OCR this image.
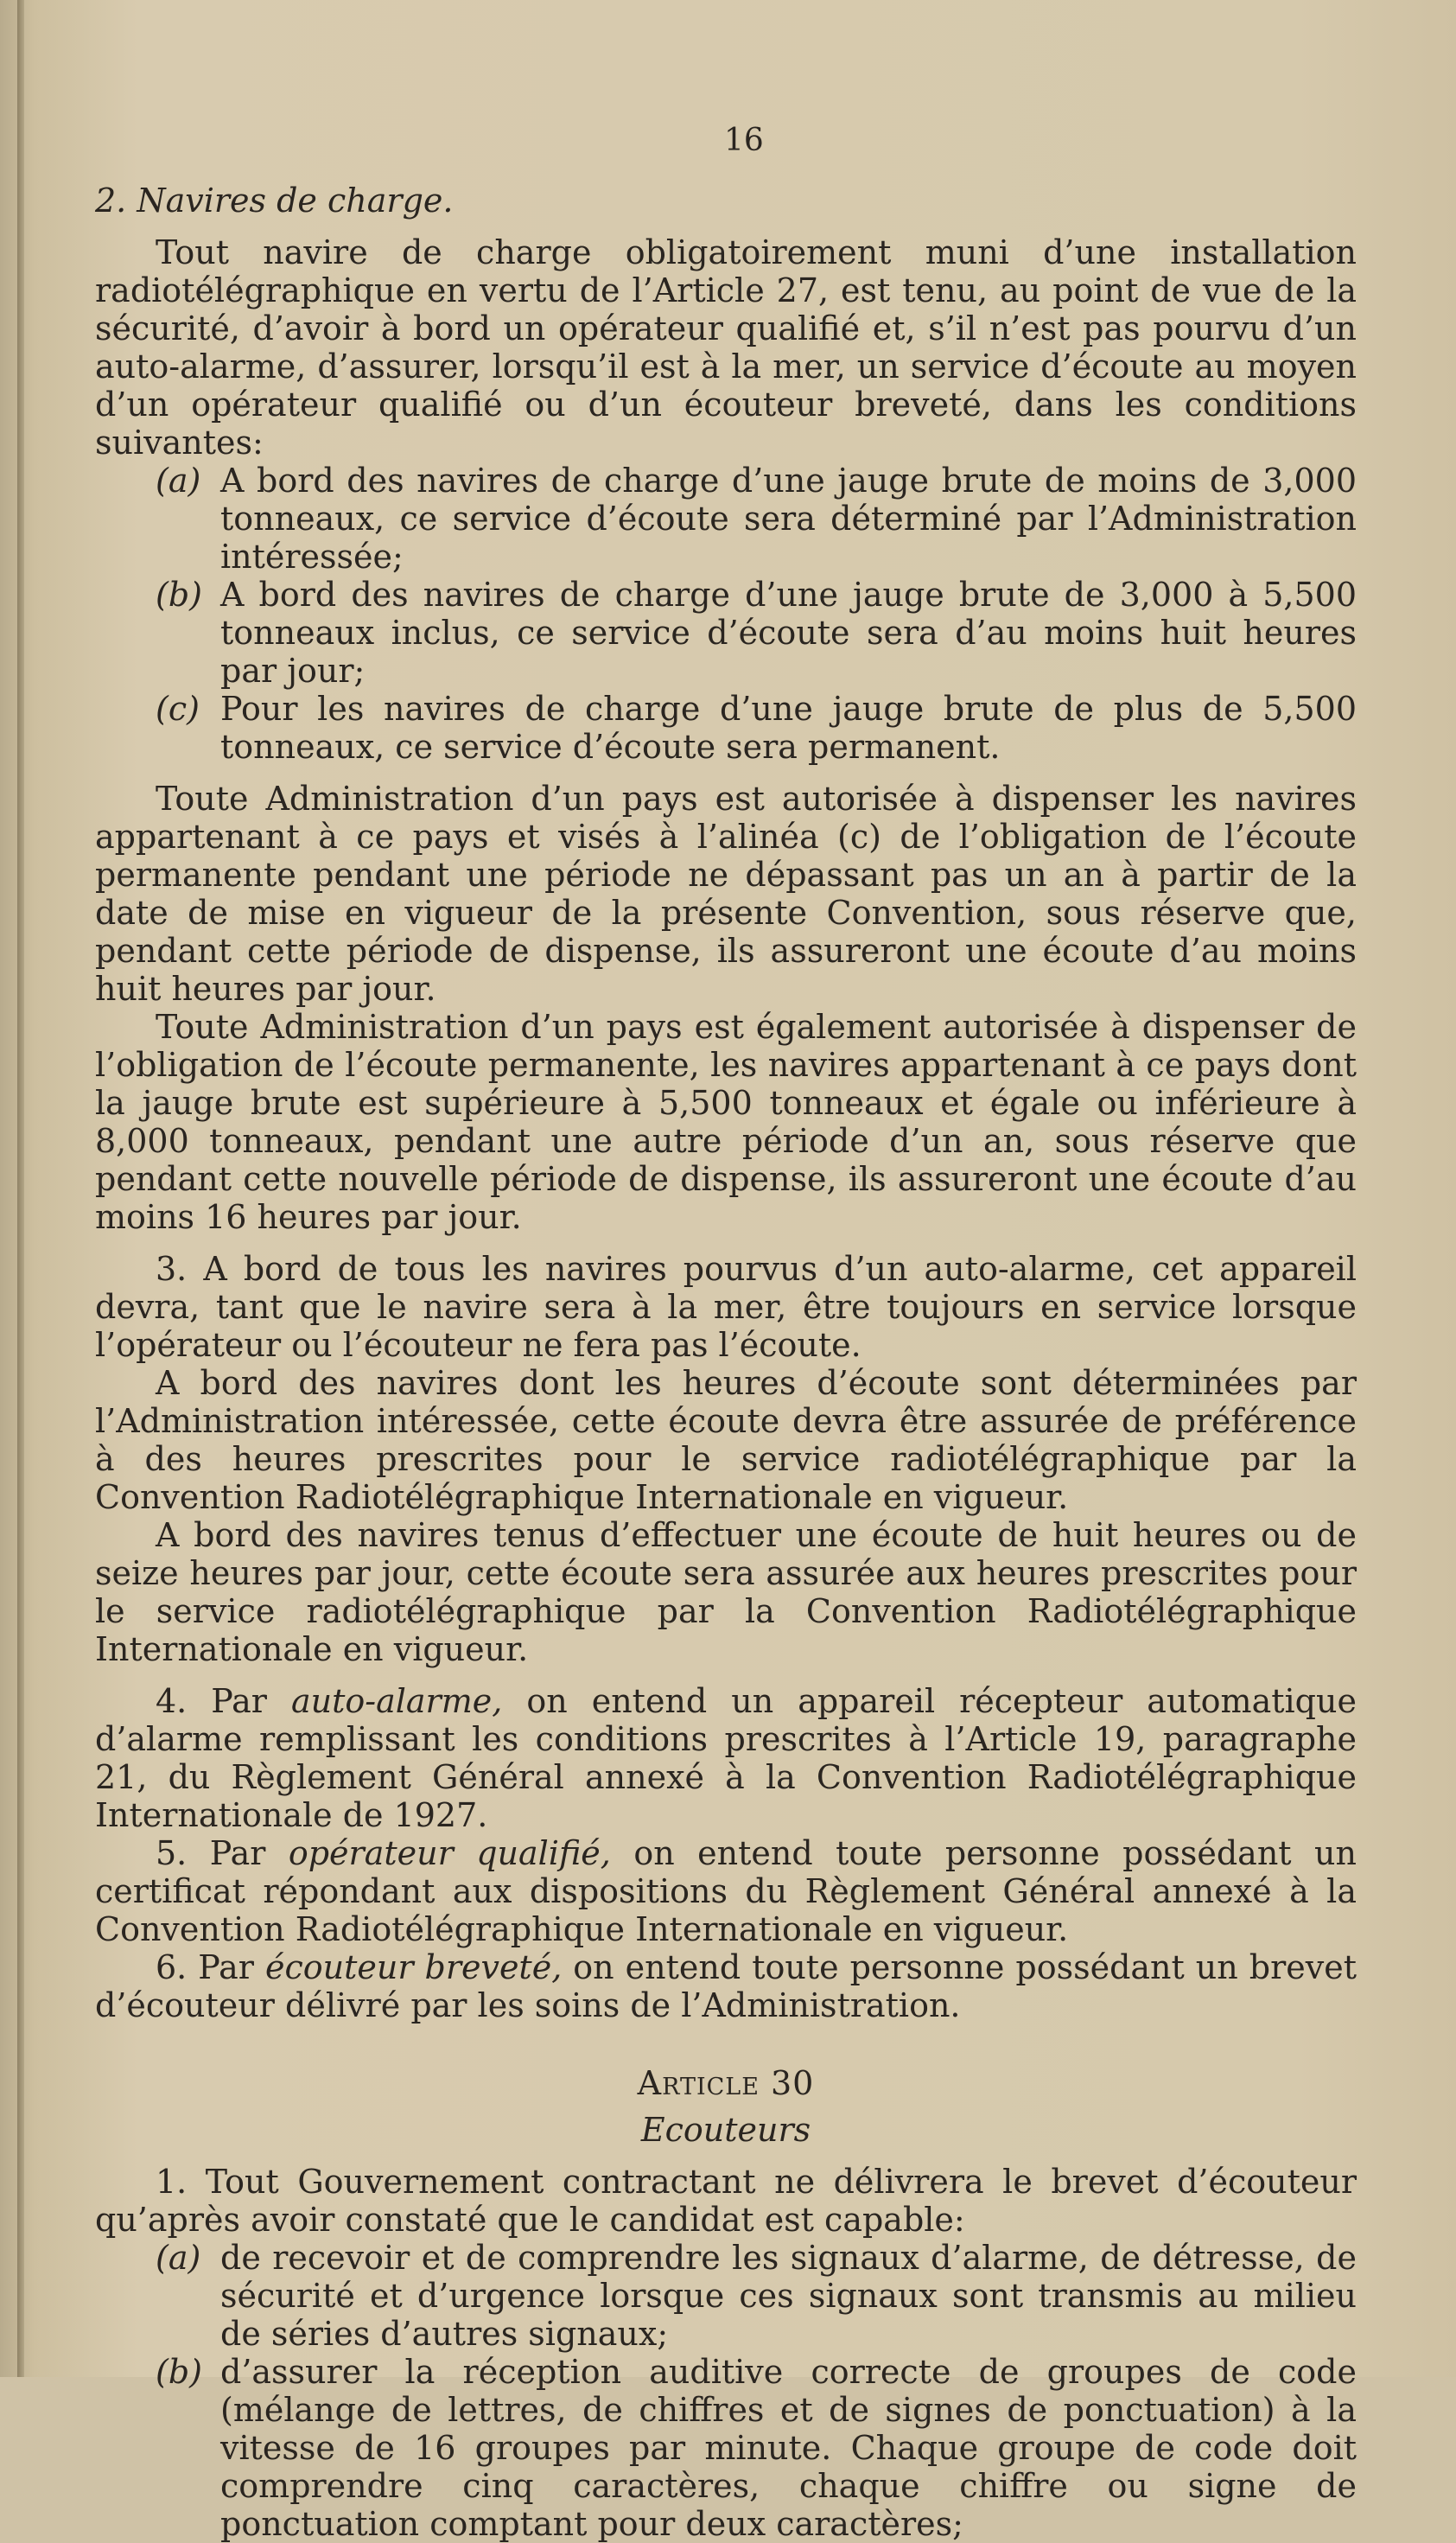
16

2. Navires de charge.

Tout navire de charge obligatoirement muni d’une installation radiotélégraphique en vertu de l’Article 27, est tenu, au point de vue de la sécurité, d’avoir à bord un opérateur qualifié et, s’il n’est pas pourvu d’un auto-alarme, d’assurer, lorsqu’il est à la mer, un service d’écoute au moyen d’un opérateur qualifié ou d’un écouteur breveté, dans les conditions suivantes:

(a) A bord des navires de charge d’une jauge brute de moins de 3,000 tonneaux, ce service d’écoute sera déterminé par l’Administration intéressée;

(b) A bord des navires de charge d’une jauge brute de 3,000 à 5,500 tonneaux inclus, ce service d’écoute sera d’au moins huit heures par jour;

(c) Pour les navires de charge d’une jauge brute de plus de 5,500 tonneaux, ce service d’écoute sera permanent.

Toute Administration d’un pays est autorisée à dispenser les navires appartenant à ce pays et visés à l’alinéa (c) de l’obligation de l’écoute permanente pendant une période ne dépassant pas un an à partir de la date de mise en vigueur de la présente Convention, sous réserve que, pendant cette période de dispense, ils assureront une écoute d’au moins huit heures par jour.

Toute Administration d’un pays est également autorisée à dispenser de l’obligation de l’écoute permanente, les navires appartenant à ce pays dont la jauge brute est supérieure à 5,500 tonneaux et égale ou inférieure à 8,000 tonneaux, pendant une autre période d’un an, sous réserve que pendant cette nouvelle période de dispense, ils assureront une écoute d’au moins 16 heures par jour.

3. A bord de tous les navires pourvus d’un auto-alarme, cet appareil devra, tant que le navire sera à la mer, être toujours en service lorsque l’opérateur ou l’écouteur ne fera pas l’écoute.

A bord des navires dont les heures d’écoute sont déterminées par l’Administration intéressée, cette écoute devra être assurée de préférence à des heures prescrites pour le service radiotélégraphique par la Convention Radiotélégraphique Internationale en vigueur.

A bord des navires tenus d’effectuer une écoute de huit heures ou de seize heures par jour, cette écoute sera assurée aux heures prescrites pour le service radiotélégraphique par la Convention Radiotélégraphique Internationale en vigueur.

4. Par auto-alarme, on entend un appareil récepteur automatique d’alarme remplissant les conditions prescrites à l’Article 19, paragraphe 21, du Règlement Général annexé à la Convention Radiotélégraphique Internationale de 1927.

5. Par opérateur qualifié, on entend toute personne possédant un certificat répondant aux dispositions du Règlement Général annexé à la Convention Radiotélégraphique Internationale en vigueur.

6. Par écouteur breveté, on entend toute personne possédant un brevet d’écouteur délivré par les soins de l’Administration.

Article 30

Ecouteurs

1. Tout Gouvernement contractant ne délivrera le brevet d’écouteur qu’après avoir constaté que le candidat est capable:

(a) de recevoir et de comprendre les signaux d’alarme, de détresse, de sécurité et d’urgence lorsque ces signaux sont transmis au milieu de séries d’autres signaux;

(b) d’assurer la réception auditive correcte de groupes de code (mélange de lettres, de chiffres et de signes de ponctuation) à la vitesse de 16 groupes par minute. Chaque groupe de code doit comprendre cinq caractères, chaque chiffre ou signe de ponctuation comptant pour deux caractères;
